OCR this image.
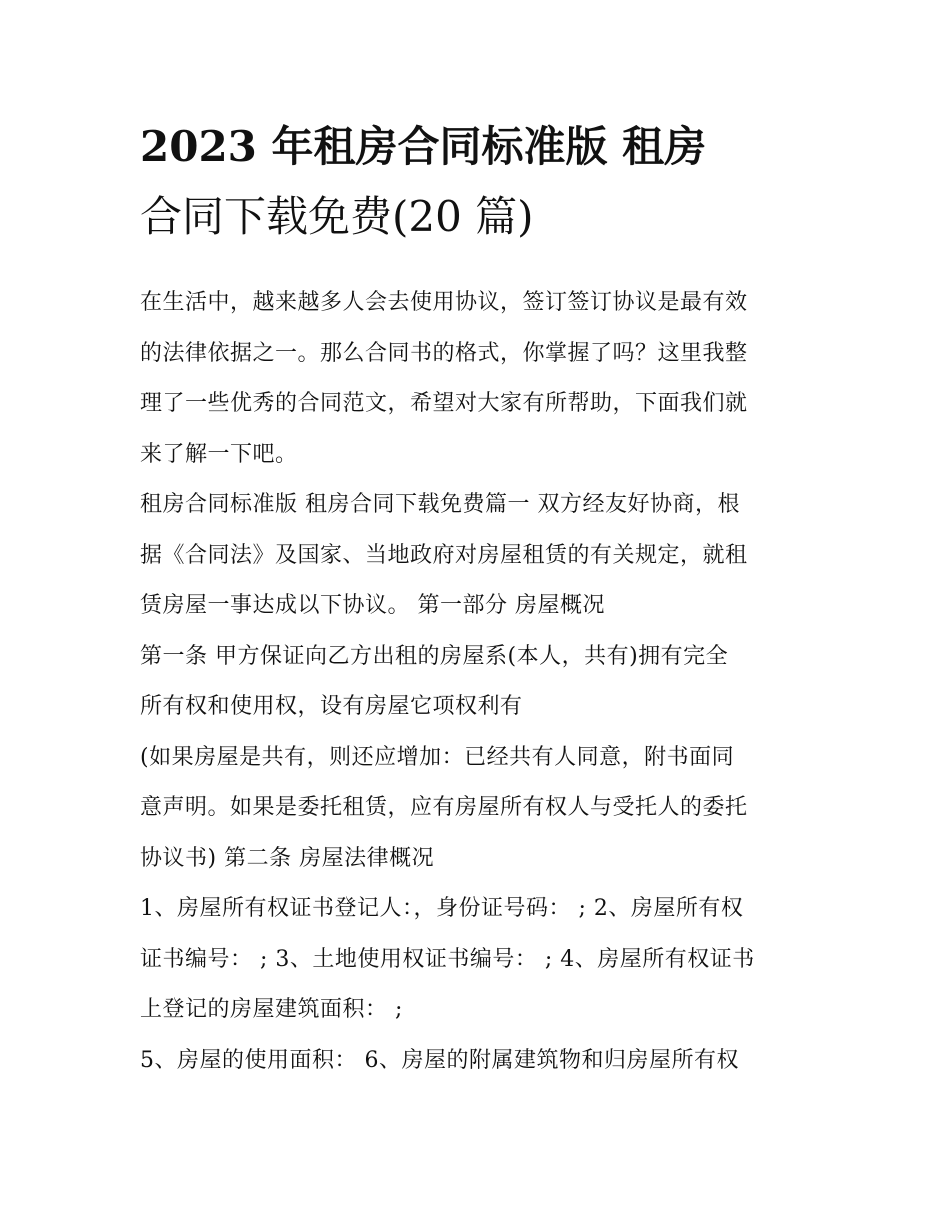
2023 年租房合同标准版 租房
合同下载免费(20 篇)
在生活中，越来越多人会去使用协议，签订签订协议是最有效
的法律依据之一。那么合同书的格式，你掌握了吗？这里我整
理了一些优秀的合同范文，希望对大家有所帮助，下面我们就
来了解一下吧。
租房合同标准版 租房合同下载免费篇一 双方经友好协商，根
据《合同法》及国家、当地政府对房屋租赁的有关规定，就租
赁房屋一事达成以下协议。 第一部分 房屋概况
第一条 甲方保证向乙方出租的房屋系(本人，共有)拥有完全
所有权和使用权，设有房屋它项权利有
(如果房屋是共有，则还应增加：已经共有人同意，附书面同
意声明。如果是委托租赁，应有房屋所有权人与受托人的委托
协议书) 第二条 房屋法律概况
1、房屋所有权证书登记人：，身份证号码： ; 2、房屋所有权
证书编号： ; 3、土地使用权证书编号： ; 4、房屋所有权证书
上登记的房屋建筑面积： ;
5、房屋的使用面积： 6、房屋的附属建筑物和归房屋所有权
